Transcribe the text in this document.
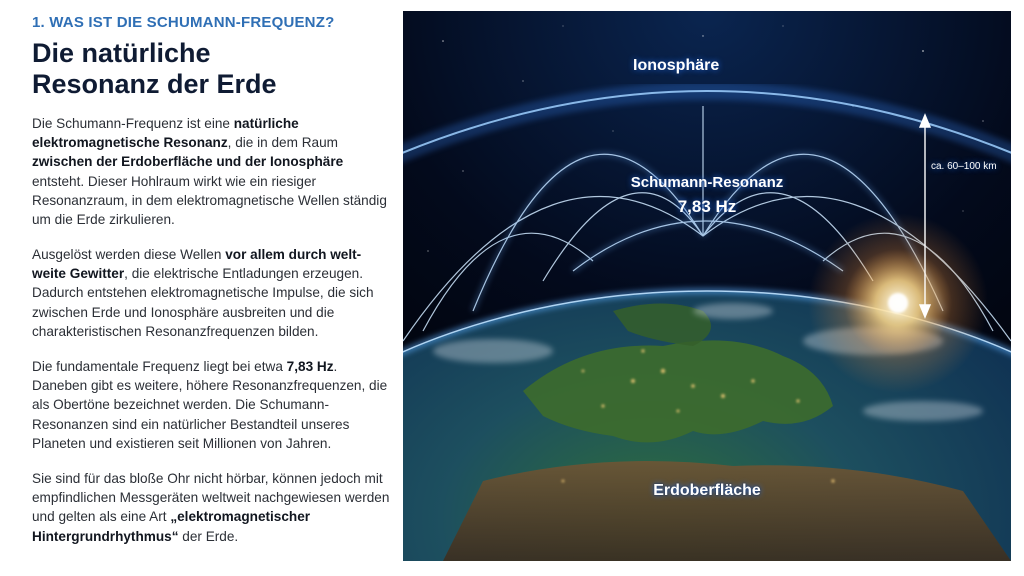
1. WAS IST DIE SCHUMANN-FREQUENZ?
Die natürliche
Resonanz der Erde

Die Schumann-Frequenz ist eine natürliche elektromagnetische Resonanz, die in dem Raum zwischen der Erdoberfläche und der Ionosphäre entsteht. Dieser Hohlraum wirkt wie ein riesiger Resonanzraum, in dem elektromagnetische Wellen ständig um die Erde zirkulieren.

Ausgelöst werden diese Wellen vor allem durch welt-weite Gewitter, die elektrische Entladungen erzeugen. Dadurch entstehen elektromagnetische Impulse, die sich zwischen Erde und Ionosphäre ausbreiten und die charakteristischen Resonanzfrequenzen bilden.

Die fundamentale Frequenz liegt bei etwa 7,83 Hz. Daneben gibt es weitere, höhere Resonanzfrequenzen, die als Obertöne bezeichnet werden. Die Schumann-Resonanzen sind ein natürlicher Bestandteil unseres Planeten und existieren seit Millionen von Jahren.

Sie sind für das bloße Ohr nicht hörbar, können jedoch mit empfindlichen Messgeräten weltweit nachgewiesen werden und gelten als eine Art „elektromagnetischer Hintergrundrhythmus“ der Erde.

Ionosphäre
Schumann-Resonanz
7,83 Hz
ca. 60–100 km
Erdoberfläche
